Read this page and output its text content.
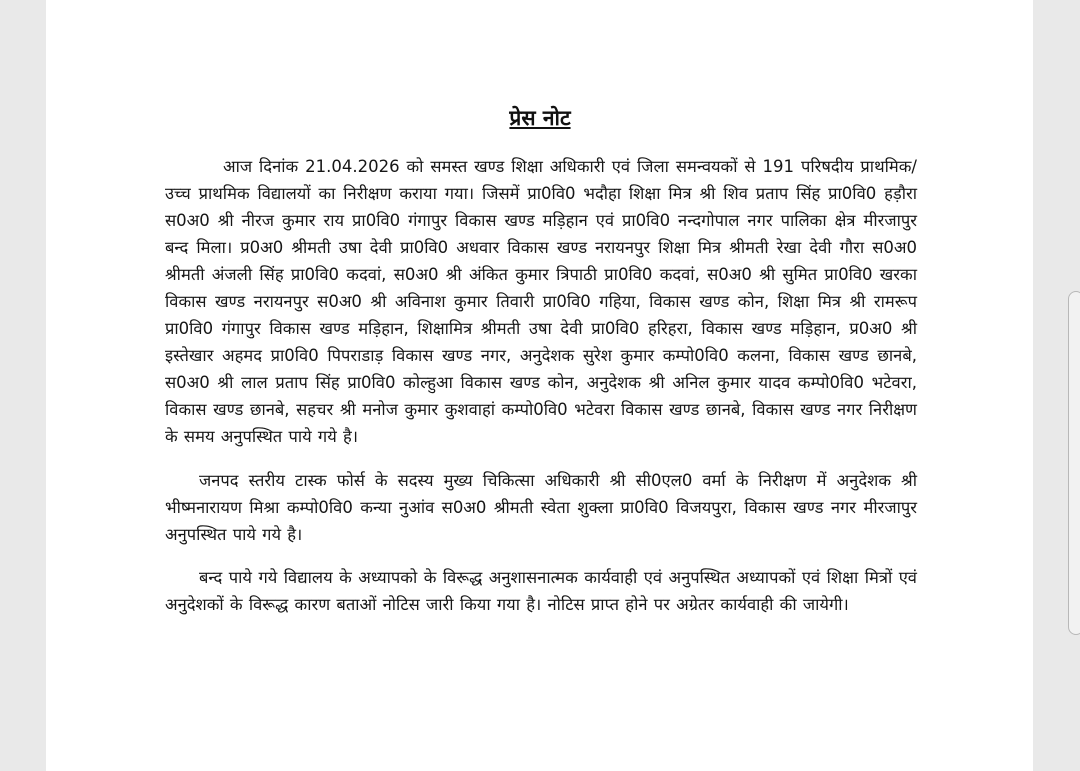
प्रेस नोट

आज दिनांक 21.04.2026 को समस्त खण्ड शिक्षा अधिकारी एवं जिला समन्वयकों से 191 परिषदीय प्राथमिक/उच्च प्राथमिक विद्यालयों का निरीक्षण कराया गया। जिसमें प्रा0वि0 भदौहा शिक्षा मित्र श्री शिव प्रताप सिंह प्रा0वि0 हड़ौरा स0अ0 श्री नीरज कुमार राय प्रा0वि0 गंगापुर विकास खण्ड मड़िहान एवं प्रा0वि0 नन्दगोपाल नगर पालिका क्षेत्र मीरजापुर बन्द मिला। प्र0अ0 श्रीमती उषा देवी प्रा0वि0 अधवार विकास खण्ड नरायनपुर शिक्षा मित्र श्रीमती रेखा देवी गौरा स0अ0 श्रीमती अंजली सिंह प्रा0वि0 कदवां, स0अ0 श्री अंकित कुमार त्रिपाठी प्रा0वि0 कदवां, स0अ0 श्री सुमित प्रा0वि0 खरका विकास खण्ड नरायनपुर स0अ0 श्री अविनाश कुमार तिवारी प्रा0वि0 गहिया, विकास खण्ड कोन, शिक्षा मित्र श्री रामरूप प्रा0वि0 गंगापुर विकास खण्ड मड़िहान, शिक्षामित्र श्रीमती उषा देवी प्रा0वि0 हरिहरा, विकास खण्ड मड़िहान, प्र0अ0 श्री इस्तेखार अहमद प्रा0वि0 पिपराडाड़ विकास खण्ड नगर, अनुदेशक सुरेश कुमार कम्पो0वि0 कलना, विकास खण्ड छानबे, स0अ0 श्री लाल प्रताप सिंह प्रा0वि0 कोल्हुआ विकास खण्ड कोन, अनुदेशक श्री अनिल कुमार यादव कम्पो0वि0 भटेवरा, विकास खण्ड छानबे, सहचर श्री मनोज कुमार कुशवाहां कम्पो0वि0 भटेवरा विकास खण्ड छानबे, विकास खण्ड नगर निरीक्षण के समय अनुपस्थित पाये गये है।

जनपद स्तरीय टास्क फोर्स के सदस्य मुख्य चिकित्सा अधिकारी श्री सी0एल0 वर्मा के निरीक्षण में अनुदेशक श्री भीष्मनारायण मिश्रा कम्पो0वि0 कन्या नुआंव स0अ0 श्रीमती स्वेता शुक्ला प्रा0वि0 विजयपुरा, विकास खण्ड नगर मीरजापुर अनुपस्थित पाये गये है।

बन्द पाये गये विद्यालय के अध्यापको के विरूद्ध अनुशासनात्मक कार्यवाही एवं अनुपस्थित अध्यापकों एवं शिक्षा मित्रों एवं अनुदेशकों के विरूद्ध कारण बताओं नोटिस जारी किया गया है। नोटिस प्राप्त होने पर अग्रेतर कार्यवाही की जायेगी।
